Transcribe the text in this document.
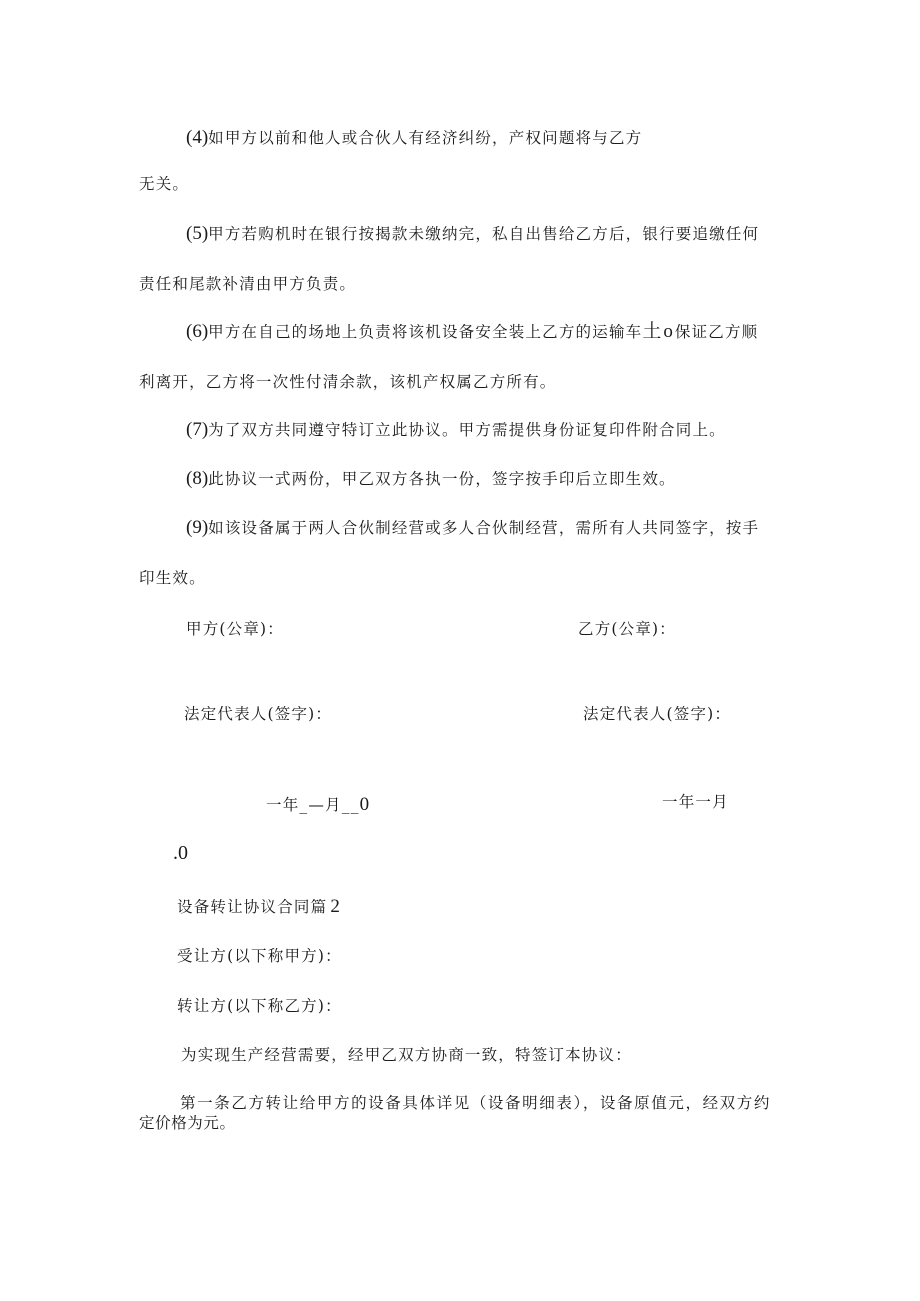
(4)如甲方以前和他人或合伙人有经济纠纷，产权问题将与乙方
无关。
(5)甲方若购机时在银行按揭款未缴纳完，私自出售给乙方后，银行要追缴任何
责任和尾款补清由甲方负责。
(6)甲方在自己的场地上负责将该机设备安全装上乙方的运输车土o保证乙方顺
利离开，乙方将一次性付清余款，该机产权属乙方所有。
(7)为了双方共同遵守特订立此协议。甲方需提供身份证复印件附合同上。
(8)此协议一式两份，甲乙双方各执一份，签字按手印后立即生效。
(9)如该设备属于两人合伙制经营或多人合伙制经营，需所有人共同签字，按手
印生效。
甲方(公章)：	乙方(公章)：
法定代表人(签字)：	法定代表人(签字)：
一年_—月__0	一年一月
.0
设备转让协议合同篇 2
受让方(以下称甲方)：
转让方(以下称乙方)：
为实现生产经营需要，经甲乙双方协商一致，特签订本协议：
第一条乙方转让给甲方的设备具体详见（设备明细表），设备原值元，经双方约
定价格为元。
